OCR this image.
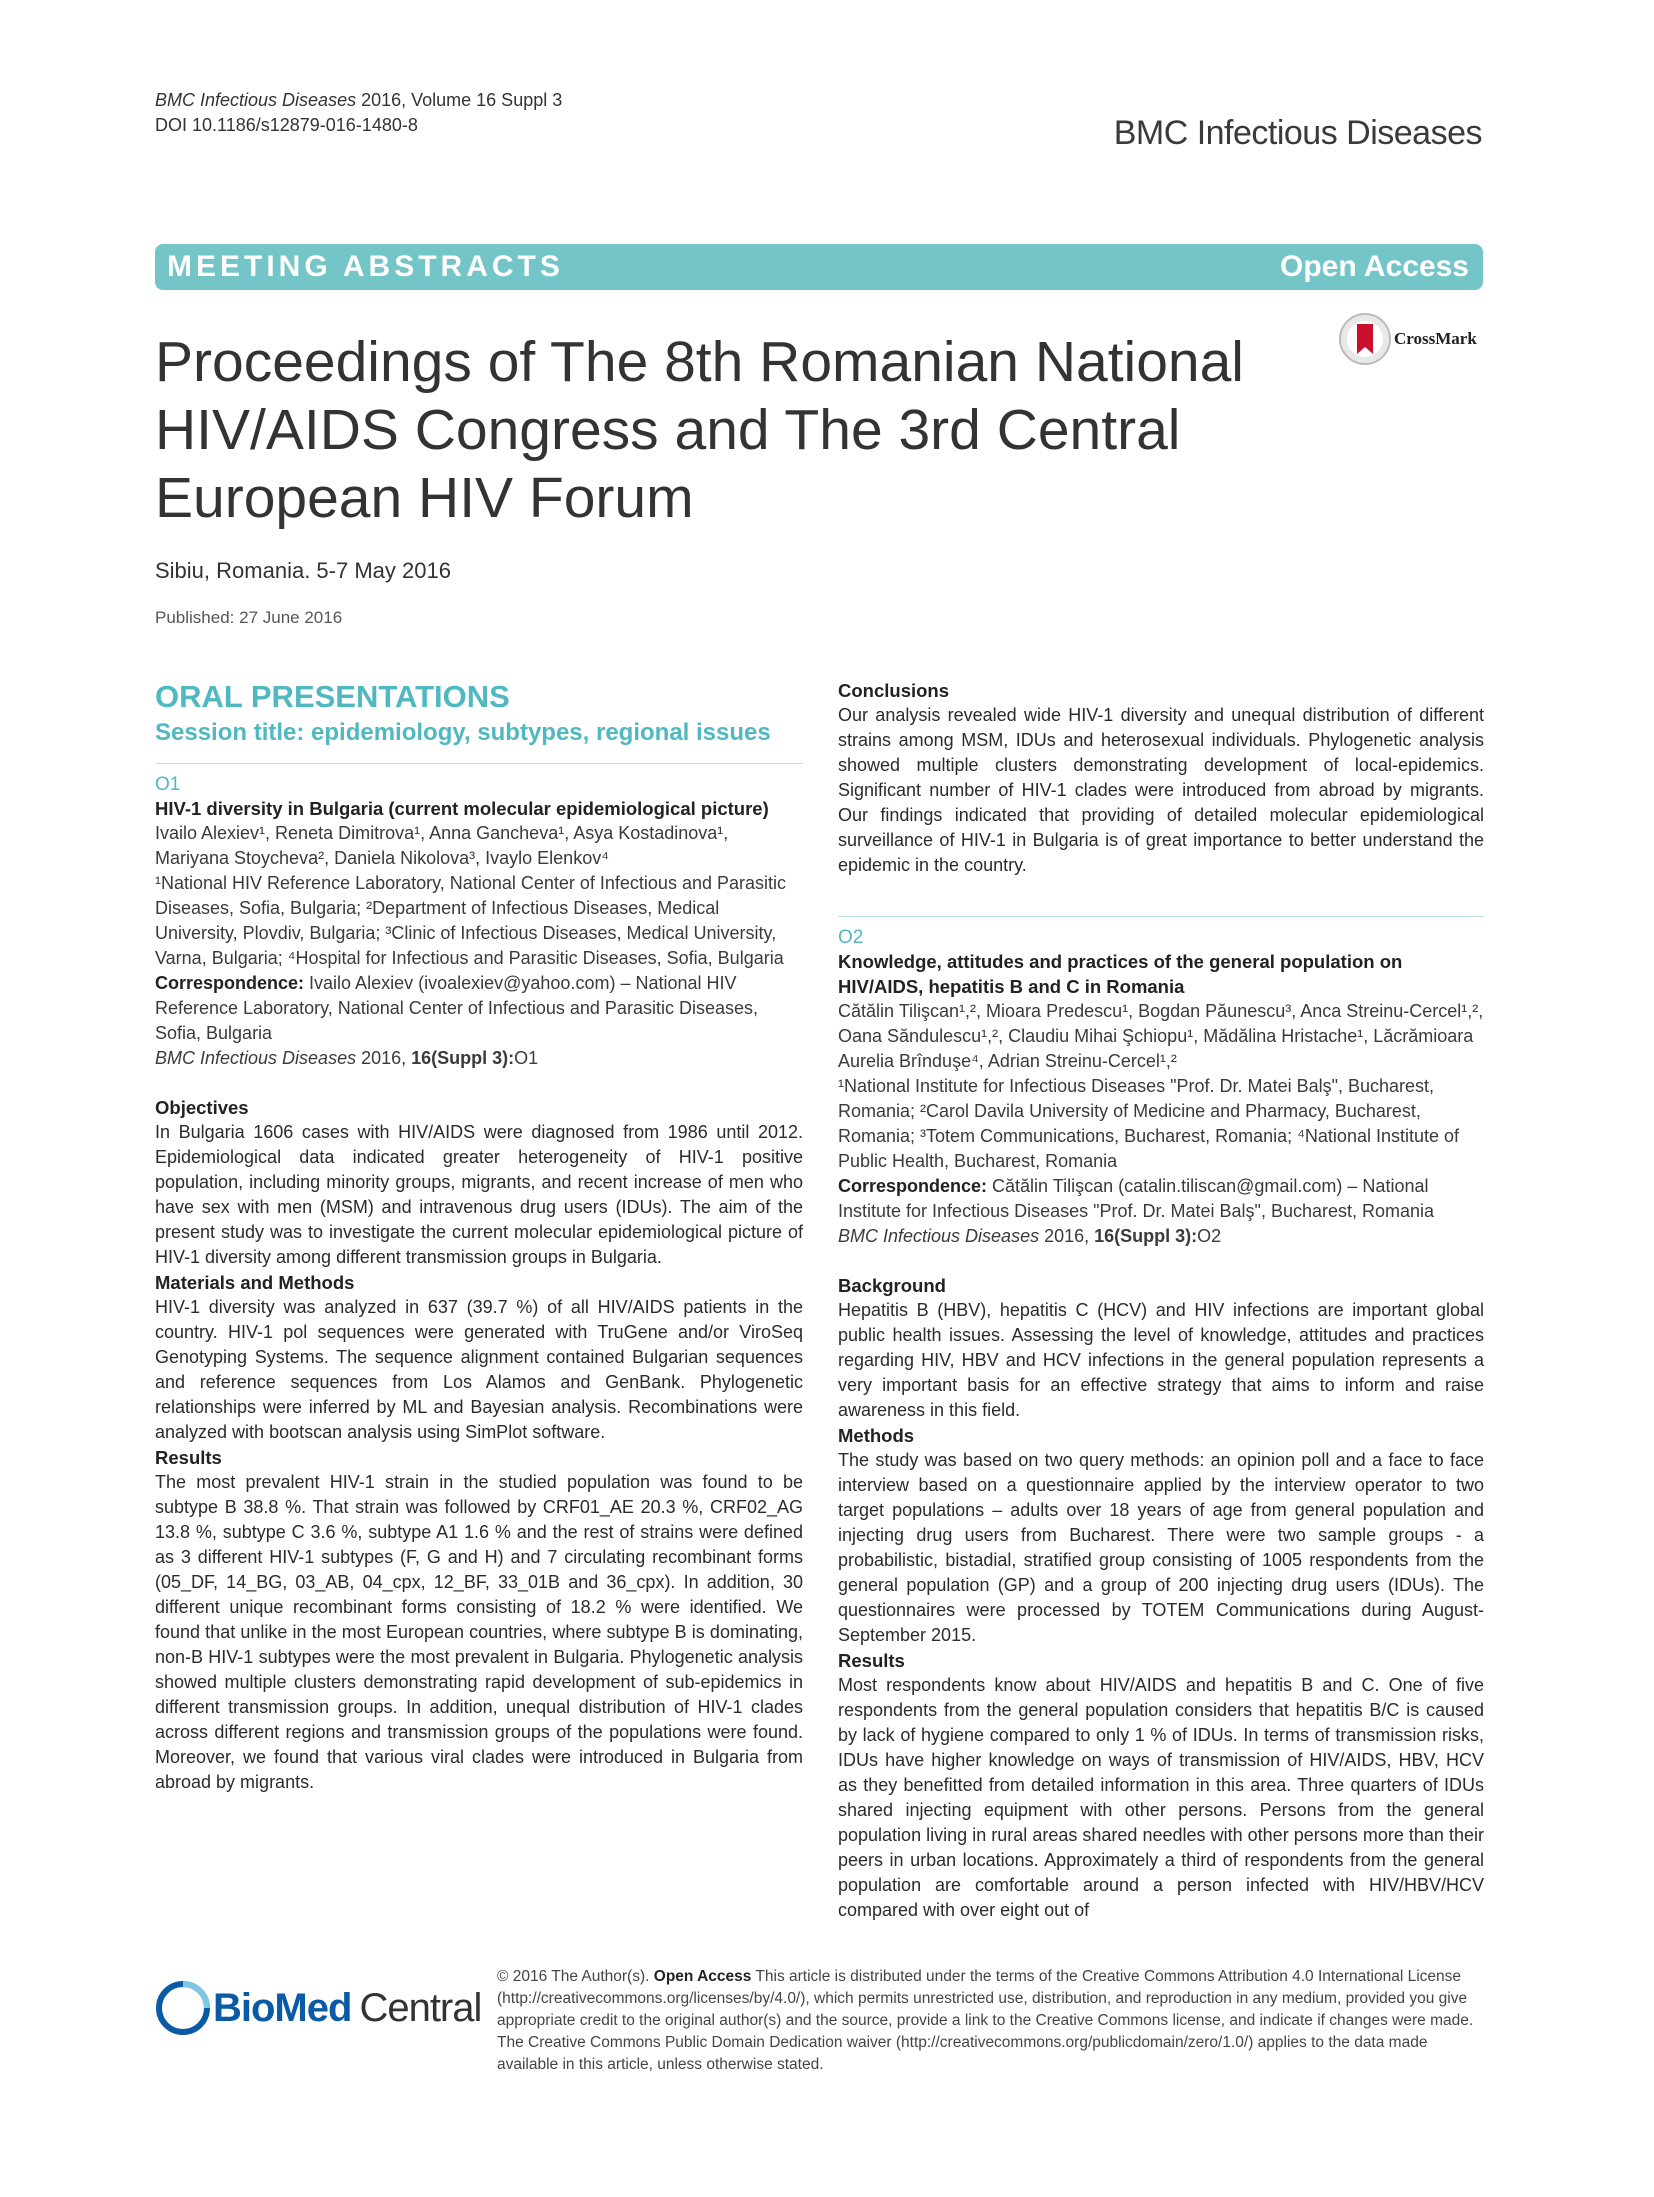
BMC Infectious Diseases 2016, Volume 16 Suppl 3
DOI 10.1186/s12879-016-1480-8	BMC Infectious Diseases
MEETING ABSTRACTS	Open Access
Proceedings of The 8th Romanian National HIV/AIDS Congress and The 3rd Central European HIV Forum
CrossMark
Sibiu, Romania. 5-7 May 2016
Published: 27 June 2016
ORAL PRESENTATIONS
Session title: epidemiology, subtypes, regional issues
O1
HIV-1 diversity in Bulgaria (current molecular epidemiological picture)
Ivailo Alexiev¹, Reneta Dimitrova¹, Anna Gancheva¹, Asya Kostadinova¹, Mariyana Stoycheva², Daniela Nikolova³, Ivaylo Elenkov⁴
¹National HIV Reference Laboratory, National Center of Infectious and Parasitic Diseases, Sofia, Bulgaria; ²Department of Infectious Diseases, Medical University, Plovdiv, Bulgaria; ³Clinic of Infectious Diseases, Medical University, Varna, Bulgaria; ⁴Hospital for Infectious and Parasitic Diseases, Sofia, Bulgaria
Correspondence: Ivailo Alexiev (ivoalexiev@yahoo.com) – National HIV Reference Laboratory, National Center of Infectious and Parasitic Diseases, Sofia, Bulgaria
BMC Infectious Diseases 2016, 16(Suppl 3):O1
Objectives
In Bulgaria 1606 cases with HIV/AIDS were diagnosed from 1986 until 2012. Epidemiological data indicated greater heterogeneity of HIV-1 positive population, including minority groups, migrants, and recent increase of men who have sex with men (MSM) and intravenous drug users (IDUs). The aim of the present study was to investigate the current molecular epidemiological picture of HIV-1 diversity among different transmission groups in Bulgaria.
Materials and Methods
HIV-1 diversity was analyzed in 637 (39.7 %) of all HIV/AIDS patients in the country. HIV-1 pol sequences were generated with TruGene and/or ViroSeq Genotyping Systems. The sequence alignment contained Bulgarian sequences and reference sequences from Los Alamos and GenBank. Phylogenetic relationships were inferred by ML and Bayesian analysis. Recombinations were analyzed with bootscan analysis using SimPlot software.
Results
The most prevalent HIV-1 strain in the studied population was found to be subtype B 38.8 %. That strain was followed by CRF01_AE 20.3 %, CRF02_AG 13.8 %, subtype C 3.6 %, subtype A1 1.6 % and the rest of strains were defined as 3 different HIV-1 subtypes (F, G and H) and 7 circulating recombinant forms (05_DF, 14_BG, 03_AB, 04_cpx, 12_BF, 33_01B and 36_cpx). In addition, 30 different unique recombinant forms consisting of 18.2 % were identified. We found that unlike in the most European countries, where subtype B is dominating, non-B HIV-1 subtypes were the most prevalent in Bulgaria. Phylogenetic analysis showed multiple clusters demonstrating rapid development of sub-epidemics in different transmission groups. In addition, unequal distribution of HIV-1 clades across different regions and transmission groups of the populations were found. Moreover, we found that various viral clades were introduced in Bulgaria from abroad by migrants.
Conclusions
Our analysis revealed wide HIV-1 diversity and unequal distribution of different strains among MSM, IDUs and heterosexual individuals. Phylogenetic analysis showed multiple clusters demonstrating development of local-epidemics. Significant number of HIV-1 clades were introduced from abroad by migrants. Our findings indicated that providing of detailed molecular epidemiological surveillance of HIV-1 in Bulgaria is of great importance to better understand the epidemic in the country.
O2
Knowledge, attitudes and practices of the general population on HIV/AIDS, hepatitis B and C in Romania
Cătălin Tilişcan¹,², Mioara Predescu¹, Bogdan Păunescu³, Anca Streinu-Cercel¹,², Oana Săndulescu¹,², Claudiu Mihai Şchiopu¹, Mădălina Hristache¹, Lăcrămioara Aurelia Brînduşe⁴, Adrian Streinu-Cercel¹,²
¹National Institute for Infectious Diseases "Prof. Dr. Matei Balş", Bucharest, Romania; ²Carol Davila University of Medicine and Pharmacy, Bucharest, Romania; ³Totem Communications, Bucharest, Romania; ⁴National Institute of Public Health, Bucharest, Romania
Correspondence: Cătălin Tilişcan (catalin.tiliscan@gmail.com) – National Institute for Infectious Diseases "Prof. Dr. Matei Balş", Bucharest, Romania
BMC Infectious Diseases 2016, 16(Suppl 3):O2
Background
Hepatitis B (HBV), hepatitis C (HCV) and HIV infections are important global public health issues. Assessing the level of knowledge, attitudes and practices regarding HIV, HBV and HCV infections in the general population represents a very important basis for an effective strategy that aims to inform and raise awareness in this field.
Methods
The study was based on two query methods: an opinion poll and a face to face interview based on a questionnaire applied by the interview operator to two target populations – adults over 18 years of age from general population and injecting drug users from Bucharest. There were two sample groups - a probabilistic, bistadial, stratified group consisting of 1005 respondents from the general population (GP) and a group of 200 injecting drug users (IDUs). The questionnaires were processed by TOTEM Communications during August-September 2015.
Results
Most respondents know about HIV/AIDS and hepatitis B and C. One of five respondents from the general population considers that hepatitis B/C is caused by lack of hygiene compared to only 1 % of IDUs. In terms of transmission risks, IDUs have higher knowledge on ways of transmission of HIV/AIDS, HBV, HCV as they benefitted from detailed information in this area. Three quarters of IDUs shared injecting equipment with other persons. Persons from the general population living in rural areas shared needles with other persons more than their peers in urban locations. Approximately a third of respondents from the general population are comfortable around a person infected with HIV/HBV/HCV compared with over eight out of
BioMed Central
© 2016 The Author(s). Open Access This article is distributed under the terms of the Creative Commons Attribution 4.0 International License (http://creativecommons.org/licenses/by/4.0/), which permits unrestricted use, distribution, and reproduction in any medium, provided you give appropriate credit to the original author(s) and the source, provide a link to the Creative Commons license, and indicate if changes were made. The Creative Commons Public Domain Dedication waiver (http://creativecommons.org/publicdomain/zero/1.0/) applies to the data made available in this article, unless otherwise stated.
